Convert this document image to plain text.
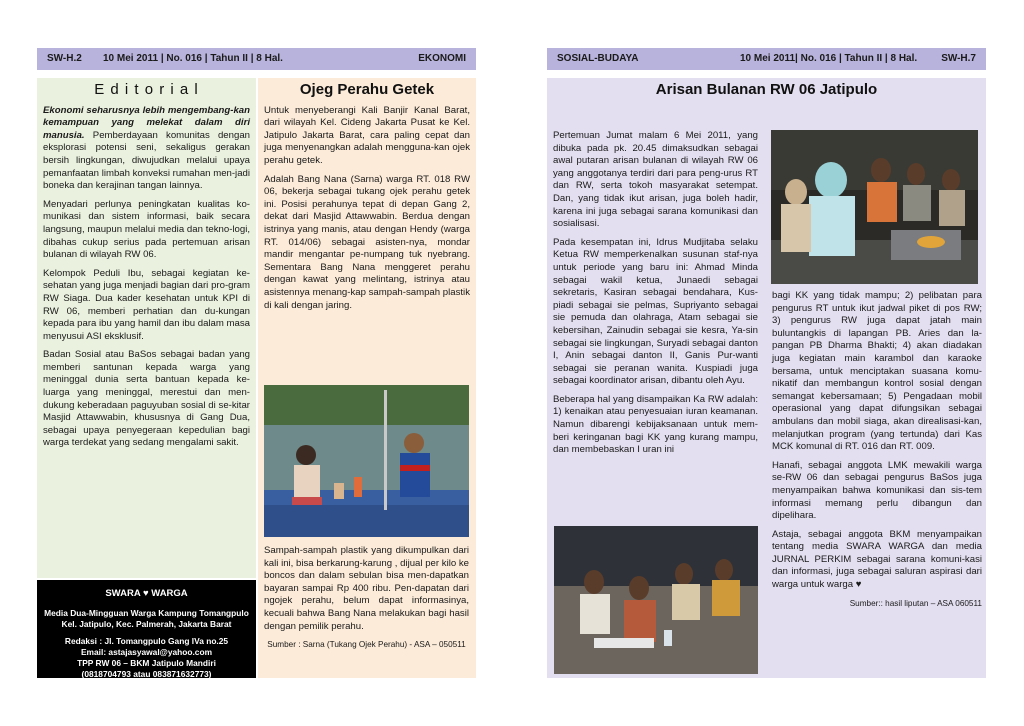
SW-H.2 10 Mei 2011 | No. 016 | Tahun II | 8 Hal.	EKONOMI
E d i t o r i a l

Ekonomi seharusnya lebih mengembang-kan kemampuan yang melekat dalam diri manusia. Pemberdayaan komunitas dengan eksplorasi potensi seni, sekaligus gerakan bersih lingkungan, diwujudkan melalui upaya pemanfaatan limbah konveksi rumahan men-jadi boneka dan kerajinan tangan lainnya.

Menyadari perlunya peningkatan kualitas ko-munikasi dan sistem informasi, baik secara langsung, maupun melalui media dan tekno-logi, dibahas cukup serius pada pertemuan arisan bulanan di wilayah RW 06.

Kelompok Peduli Ibu, sebagai kegiatan ke-sehatan yang juga menjadi bagian dari pro-gram RW Siaga. Dua kader kesehatan untuk KPI di RW 06, memberi perhatian dan du-kungan kepada para ibu yang hamil dan ibu dalam masa menyusui ASI eksklusif.

Badan Sosial atau BaSos sebagai badan yang memberi santunan kepada warga yang meninggal dunia serta bantuan kepada ke-luarga yang meninggal, merestui dan men-dukung keberadaan paguyuban sosial di se-kitar Masjid Attawwabin, khususnya di Gang Dua, sebagai upaya penyegeraan kepedulian bagi warga terdekat yang sedang mengalami sakit.

SWARA ♥ WARGA
Media Dua-Mingguan Warga Kampung Tomangpulo
Kel. Jatipulo, Kec. Palmerah, Jakarta Barat
Redaksi : Jl. Tomangpulo Gang IVa no.25
Email: astajasyawal@yahoo.com
TPP RW 06 – BKM Jatipulo Mandiri
(0818704793 atau 083871632773)
Ojeg Perahu Getek

Untuk menyeberangi Kali Banjir Kanal Barat, dari wilayah Kel. Cideng Jakarta Pusat ke Kel. Jatipulo Jakarta Barat, cara paling cepat dan juga menyenangkan adalah mengguna-kan ojek perahu getek.

Adalah Bang Nana (Sarna) warga RT. 018 RW 06, bekerja sebagai tukang ojek perahu getek ini. Posisi perahunya tepat di depan Gang 2, dekat dari Masjid Attawwabin. Berdua dengan istrinya yang manis, atau dengan Hendy (warga RT. 014/06) sebagai asisten-nya, mondar mandir mengantar pe-numpang tuk nyebrang. Sementara Bang Nana menggeret perahu dengan kawat yang melintang, istrinya atau asistennya menang-kap sampah-sampah plastik di kali dengan jaring.

Sampah-sampah plastik yang dikumpulkan dari kali ini, bisa berkarung-karung , dijual per kilo ke boncos dan dalam sebulan bisa men-dapatkan bayaran sampai Rp 400 ribu. Pen-dapatan dari ngojek perahu, belum dapat informasinya, kecuali bahwa Bang Nana melakukan bagi hasil dengan pemilik perahu.

Sumber : Sarna (Tukang Ojek Perahu) - ASA – 050511
SOSIAL-BUDAYA	10 Mei 2011| No. 016 | Tahun II | 8 Hal. SW-H.7
Arisan Bulanan RW 06 Jatipulo

Pertemuan Jumat malam 6 Mei 2011, yang dibuka pada pk. 20.45 dimaksudkan sebagai awal putaran arisan bulanan di wilayah RW 06 yang anggotanya terdiri dari para peng-urus RT dan RW, serta tokoh masyarakat setempat. Dan, yang tidak ikut arisan, juga boleh hadir, karena ini juga sebagai sarana komunikasi dan sosialisasi.

Pada kesempatan ini, Idrus Mudjitaba selaku Ketua RW memperkenalkan susunan staf-nya untuk periode yang baru ini: Ahmad Minda sebagai wakil ketua, Junaedi sebagai sekretaris, Kasiran sebagai bendahara, Kus-piadi sebagai sie pelmas, Supriyanto sebagai sie pemuda dan olahraga, Atam sebagai sie kebersihan, Zainudin sebagai sie kesra, Ya-sin sebagai sie lingkungan, Suryadi sebagai danton I, Anin sebagai danton II, Ganis Pur-wanti sebagai sie peranan wanita. Kuspiadi juga sebagai koordinator arisan, dibantu oleh Ayu.

Beberapa hal yang disampaikan Ka RW adalah: 1) kenaikan atau penyesuaian iuran keamanan. Namun dibarengi kebijaksanaan untuk mem-beri keringanan bagi KK yang kurang mampu, dan membebaskan I uran ini

bagi KK yang tidak mampu; 2) pelibatan para pengurus RT untuk ikut jadwal piket di pos RW; 3) pengurus RW juga dapat jatah main buluntangkis di lapangan PB. Aries dan la-pangan PB Dharma Bhakti; 4) akan diadakan juga kegiatan main karambol dan karaoke bersama, untuk menciptakan suasana komu-nikatif dan membangun kontrol sosial dengan semangat kebersamaan; 5) Pengadaan mobil operasional yang dapat difungsikan sebagai ambulans dan mobil siaga, akan direalisasi-kan, melanjutkan program (yang tertunda) dari Kas MCK komunal di RT. 016 dan RT. 009.

Hanafi, sebagai anggota LMK mewakili warga se-RW 06 dan sebagai pengurus BaSos juga menyampaikan bahwa komunikasi dan sis-tem informasi memang perlu dibangun dan dipelihara.

Astaja, sebagai anggota BKM menyampaikan tentang media SWARA WARGA dan media JURNAL PERKIM sebagai sarana komuni-kasi dan informasi, juga sebagai saluran aspirasi dari warga untuk warga ♥

Sumber:: hasil liputan – ASA 060511
